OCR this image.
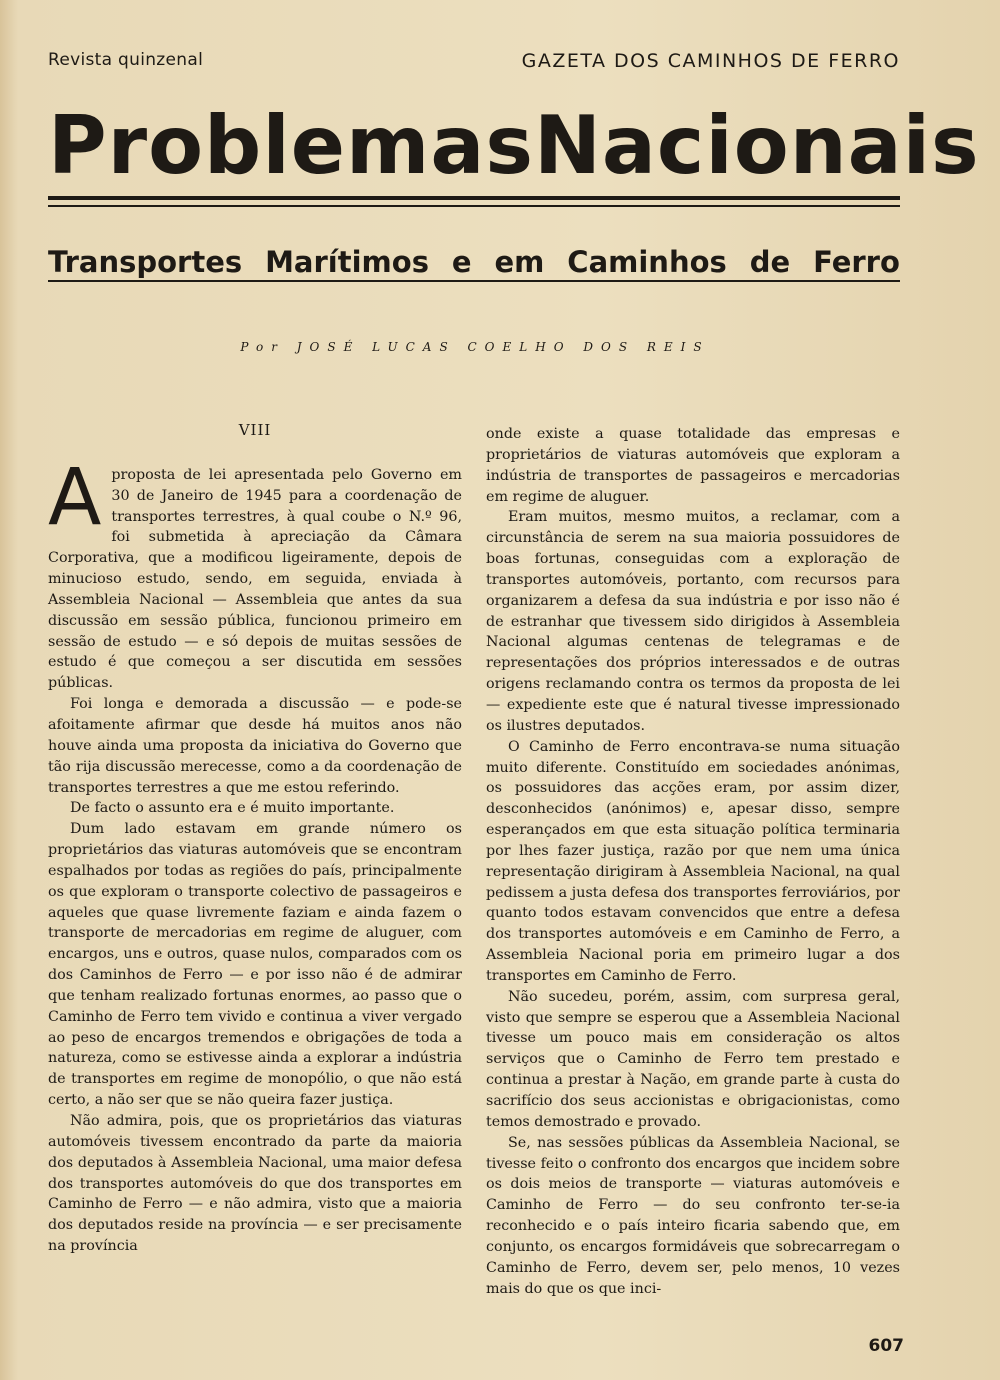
Revista quinzenal	GAZETA DOS CAMINHOS DE FERRO
Problemas Nacionais
Transportes Marítimos e em Caminhos de Ferro
Por JOSÉ LUCAS COELHO DOS REIS
VIII
A proposta de lei apresentada pelo Governo em 30 de Janeiro de 1945 para a coordenação de transportes terrestres, à qual coube o N.º 96, foi submetida à apreciação da Câmara Corporativa, que a modificou ligeiramente, depois de minucioso estudo, sendo, em seguida, enviada à Assembleia Nacional — Assembleia que antes da sua discussão em sessão pública, funcionou primeiro em sessão de estudo — e só depois de muitas sessões de estudo é que começou a ser discutida em sessões públicas.

Foi longa e demorada a discussão — e pode-se afoitamente afirmar que desde há muitos anos não houve ainda uma proposta da iniciativa do Governo que tão rija discussão merecesse, como a da coordenação de transportes terrestres a que me estou referindo.

De facto o assunto era e é muito importante.

Dum lado estavam em grande número os proprietários das viaturas automóveis que se encontram espalhados por todas as regiões do país, principalmente os que exploram o transporte colectivo de passageiros e aqueles que quase livremente faziam e ainda fazem o transporte de mercadorias em regime de aluguer, com encargos, uns e outros, quase nulos, comparados com os dos Caminhos de Ferro — e por isso não é de admirar que tenham realizado fortunas enormes, ao passo que o Caminho de Ferro tem vivido e continua a viver vergado ao peso de encargos tremendos e obrigações de toda a natureza, como se estivesse ainda a explorar a indústria de transportes em regime de monopólio, o que não está certo, a não ser que se não queira fazer justiça.

Não admira, pois, que os proprietários das viaturas automóveis tivessem encontrado da parte da maioria dos deputados à Assembleia Nacional, uma maior defesa dos transportes automóveis do que dos transportes em Caminho de Ferro — e não admira, visto que a maioria dos deputados reside na província — e ser precisamente na província

onde existe a quase totalidade das empresas e proprietários de viaturas automóveis que exploram a indústria de transportes de passageiros e mercadorias em regime de aluguer.

Eram muitos, mesmo muitos, a reclamar, com a circunstância de serem na sua maioria possuidores de boas fortunas, conseguidas com a exploração de transportes automóveis, portanto, com recursos para organizarem a defesa da sua indústria e por isso não é de estranhar que tivessem sido dirigidos à Assembleia Nacional algumas centenas de telegramas e de representações dos próprios interessados e de outras origens reclamando contra os termos da proposta de lei — expediente este que é natural tivesse impressionado os ilustres deputados.

O Caminho de Ferro encontrava-se numa situação muito diferente. Constituído em sociedades anónimas, os possuidores das acções eram, por assim dizer, desconhecidos (anónimos) e, apesar disso, sempre esperançados em que esta situação política terminaria por lhes fazer justiça, razão por que nem uma única representação dirigiram à Assembleia Nacional, na qual pedissem a justa defesa dos transportes ferroviários, por quanto todos estavam convencidos que entre a defesa dos transportes automóveis e em Caminho de Ferro, a Assembleia Nacional poria em primeiro lugar a dos transportes em Caminho de Ferro.

Não sucedeu, porém, assim, com surpresa geral, visto que sempre se esperou que a Assembleia Nacional tivesse um pouco mais em consideração os altos serviços que o Caminho de Ferro tem prestado e continua a prestar à Nação, em grande parte à custa do sacrifício dos seus accionistas e obrigacionistas, como temos demostrado e provado.

Se, nas sessões públicas da Assembleia Nacional, se tivesse feito o confronto dos encargos que incidem sobre os dois meios de transporte — viaturas automóveis e Caminho de Ferro — do seu confronto ter-se-ia reconhecido e o país inteiro ficaria sabendo que, em conjunto, os encargos formidáveis que sobrecarregam o Caminho de Ferro, devem ser, pelo menos, 10 vezes mais do que os que inci-

607
